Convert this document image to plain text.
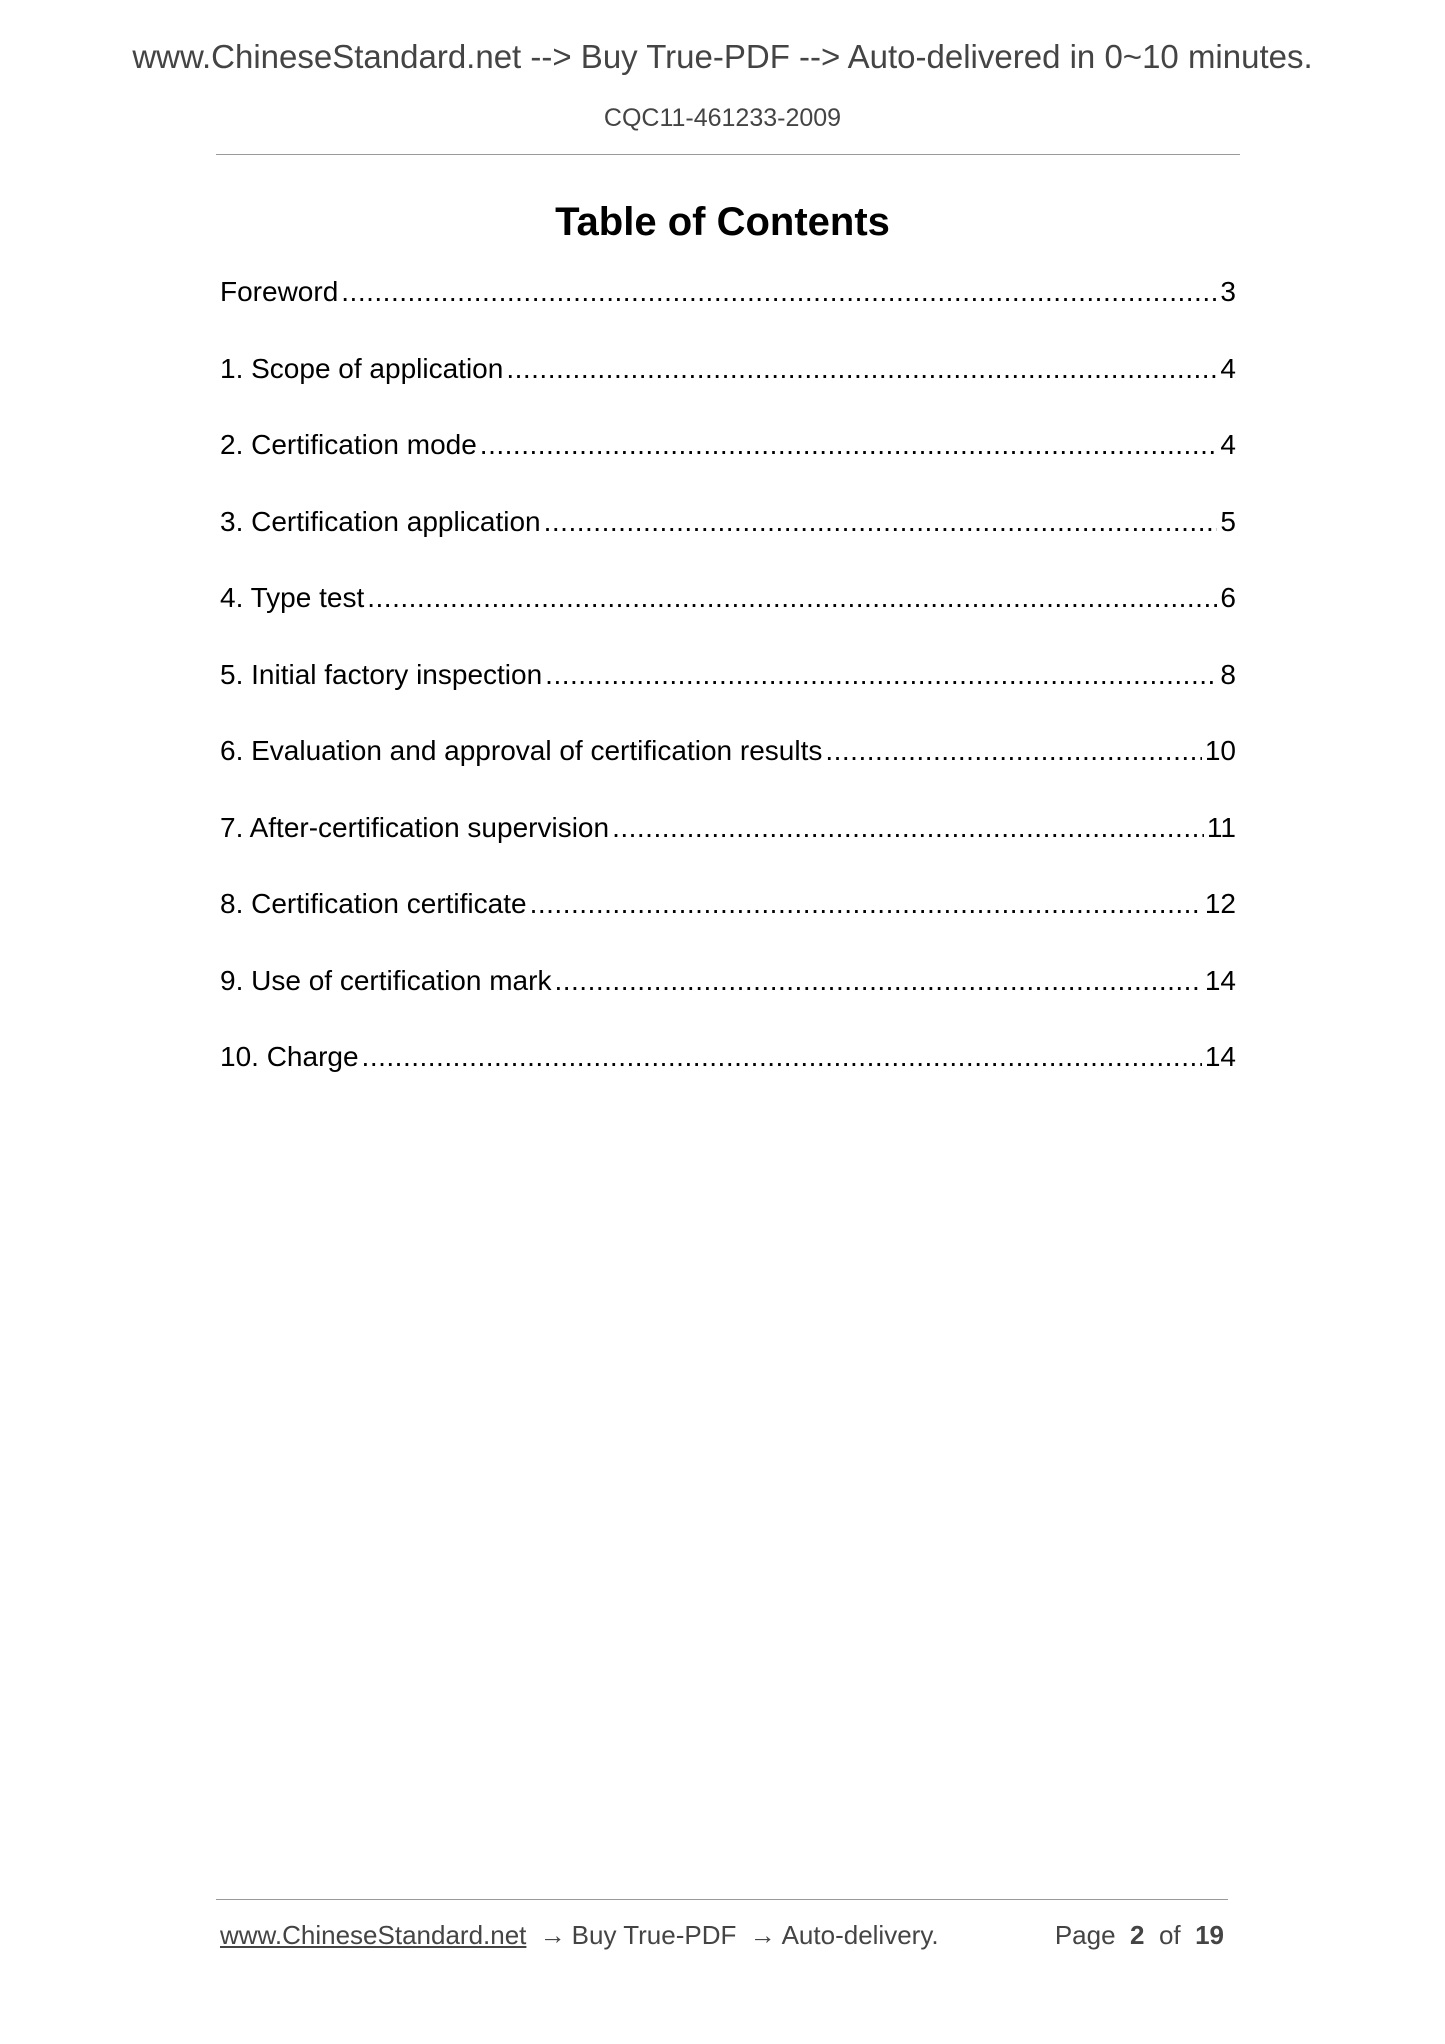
www.ChineseStandard.net --> Buy True-PDF --> Auto-delivered in 0~10 minutes.
CQC11-461233-2009
Table of Contents
Foreword .....	3
1. Scope of application .....	4
2. Certification mode .....	4
3. Certification application .....	5
4. Type test .....	6
5. Initial factory inspection .....	8
6. Evaluation and approval of certification results .....	10
7. After-certification supervision .....	11
8. Certification certificate .....	12
9. Use of certification mark .....	14
10. Charge .....	14
www.ChineseStandard.net → Buy True-PDF → Auto-delivery.	Page 2 of 19
